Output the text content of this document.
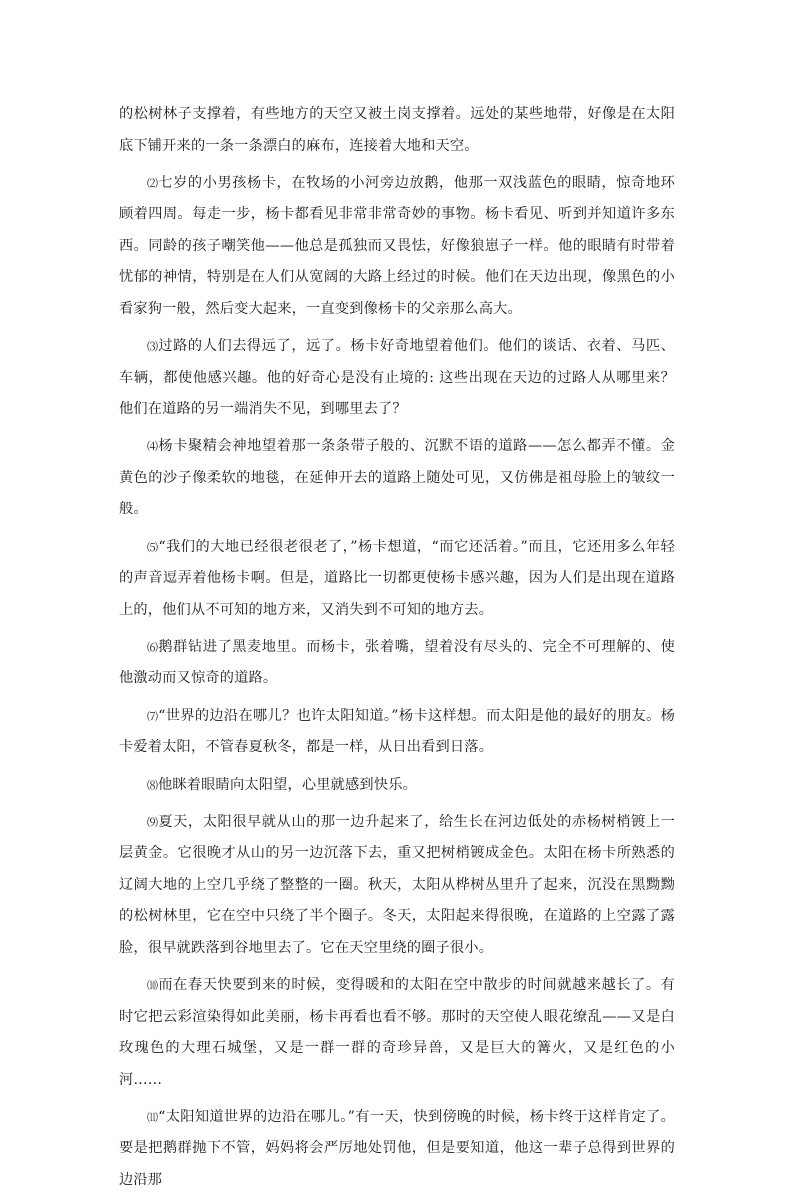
的松树林子支撑着，有些地方的天空又被土岗支撑着。远处的某些地带，好像是在太阳底下铺开来的一条一条漂白的麻布，连接着大地和天空。

⑵七岁的小男孩杨卡，在牧场的小河旁边放鹅，他那一双浅蓝色的眼睛，惊奇地环顾着四周。每走一步，杨卡都看见非常非常奇妙的事物。杨卡看见、听到并知道许多东西。同龄的孩子嘲笑他——他总是孤独而又畏怯，好像狼崽子一样。他的眼睛有时带着忧郁的神情，特别是在人们从宽阔的大路上经过的时候。他们在天边出现，像黑色的小看家狗一般，然后变大起来，一直变到像杨卡的父亲那么高大。

⑶过路的人们去得远了，远了。杨卡好奇地望着他们。他们的谈话、衣着、马匹、车辆，都使他感兴趣。他的好奇心是没有止境的: 这些出现在天边的过路人从哪里来？他们在道路的另一端消失不见，到哪里去了？

⑷杨卡聚精会神地望着那一条条带子般的、沉默不语的道路——怎么都弄不懂。金黄色的沙子像柔软的地毯，在延伸开去的道路上随处可见，又仿佛是祖母脸上的皱纹一般。

⑸“我们的大地已经很老很老了，”杨卡想道，“而它还活着。”而且，它还用多么年轻的声音逗弄着他杨卡啊。但是，道路比一切都更使杨卡感兴趣，因为人们是出现在道路上的，他们从不可知的地方来，又消失到不可知的地方去。

⑹鹅群钻进了黑麦地里。而杨卡，张着嘴，望着没有尽头的、完全不可理解的、使他激动而又惊奇的道路。

⑺“世界的边沿在哪儿？也许太阳知道。”杨卡这样想。而太阳是他的最好的朋友。杨卡爱着太阳，不管春夏秋冬，都是一样，从日出看到日落。

⑻他眯着眼睛向太阳望，心里就感到快乐。

⑼夏天，太阳很早就从山的那一边升起来了，给生长在河边低处的赤杨树梢镀上一层黄金。它很晚才从山的另一边沉落下去，重又把树梢镀成金色。太阳在杨卡所熟悉的辽阔大地的上空几乎绕了整整的一圈。秋天，太阳从桦树丛里升了起来，沉没在黑黝黝的松树林里，它在空中只绕了半个圈子。冬天，太阳起来得很晚，在道路的上空露了露脸，很早就跌落到谷地里去了。它在天空里绕的圈子很小。

⑽而在春天快要到来的时候，变得暖和的太阳在空中散步的时间就越来越长了。有时它把云彩渲染得如此美丽，杨卡再看也看不够。那时的天空使人眼花缭乱——又是白玫瑰色的大理石城堡，又是一群一群的奇珍异兽，又是巨大的篝火，又是红色的小河……

⑾“太阳知道世界的边沿在哪儿。”有一天，快到傍晚的时候，杨卡终于这样肯定了。要是把鹅群抛下不管，妈妈将会严厉地处罚他，但是要知道，他这一辈子总得到世界的边沿那
